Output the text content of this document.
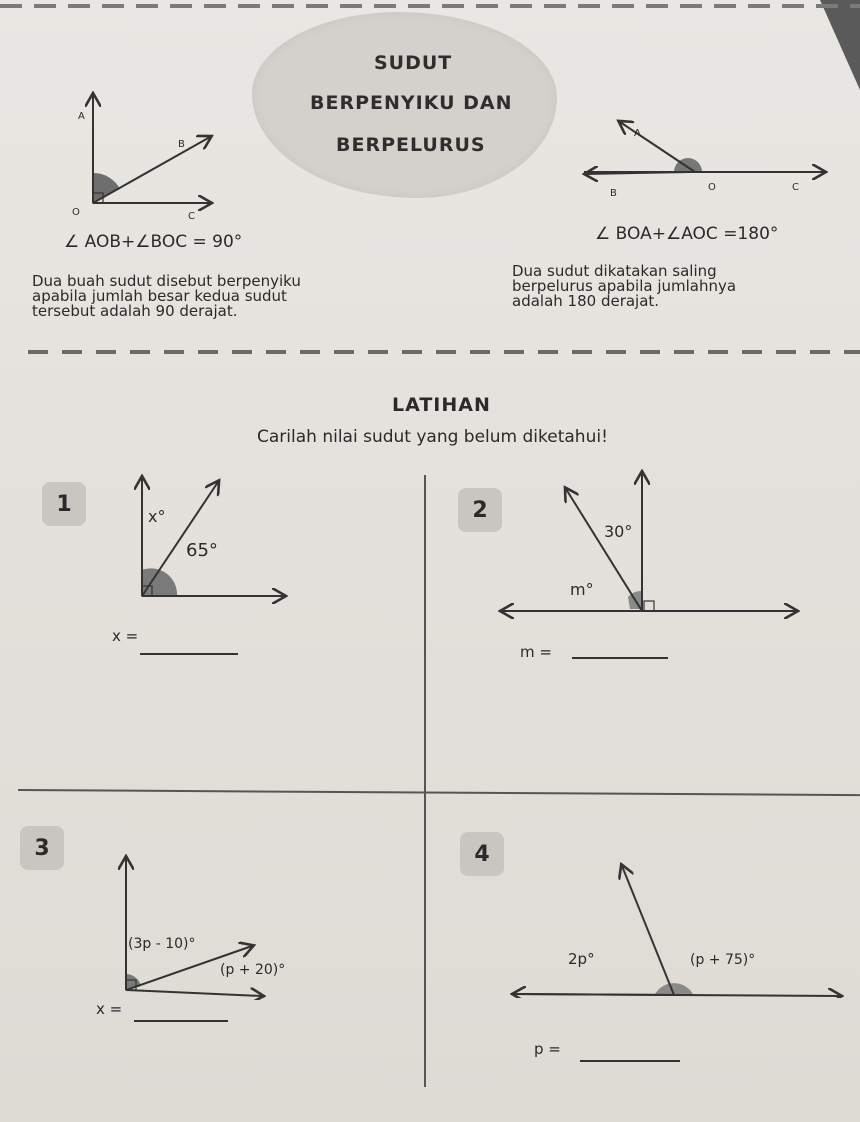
SUDUT
BERPENYIKU DAN
BERPELURUS
A
B
O	C
∠ AOB+∠BOC = 90°
A
B
O	C
∠ BOA+∠AOC =180°
Dua buah sudut disebut berpenyiku
apabila jumlah besar kedua sudut
tersebut adalah 90 derajat.
Dua sudut dikatakan saling
berpelurus apabila jumlahnya
adalah 180 derajat.
LATIHAN
Carilah nilai sudut yang belum diketahui!
1	x°
65°
x =
2
30°
m°
m =
3
(3p - 10)°
(p + 20)°
x =
4
2p°	(p + 75)°
p =
